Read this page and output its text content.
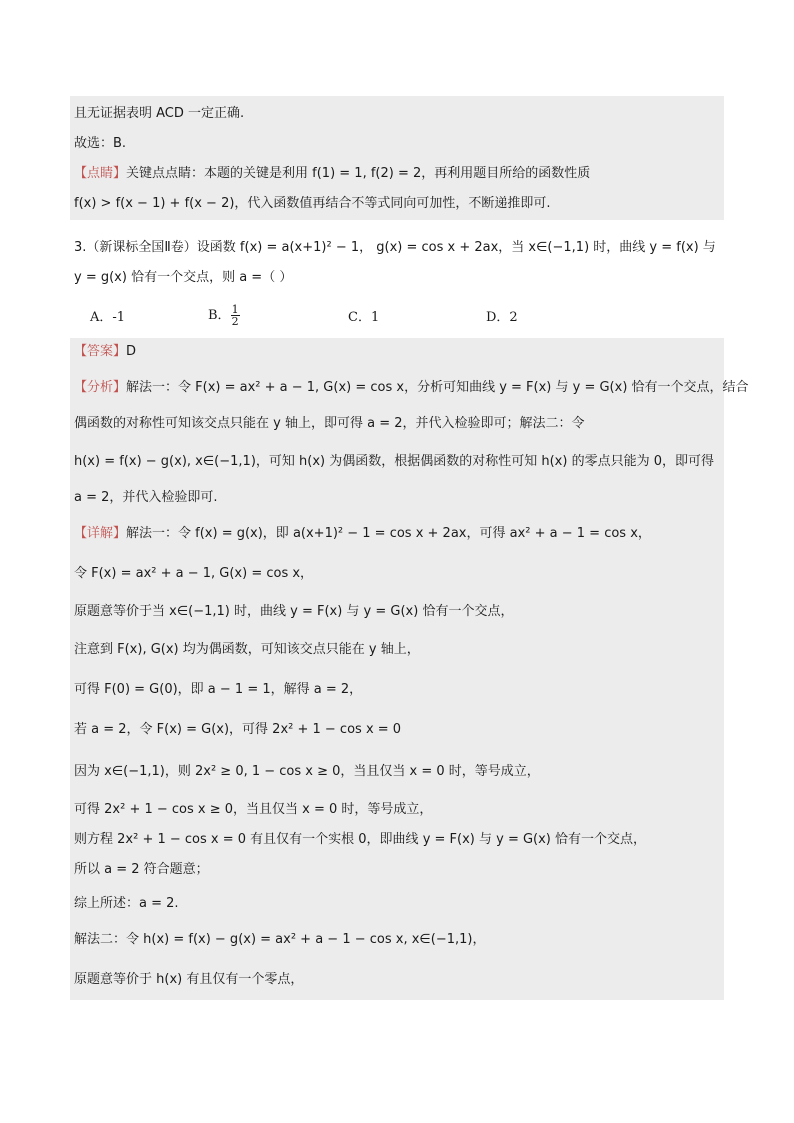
且无证据表明 ACD 一定正确.
故选：B.
【点睛】关键点点睛：本题的关键是利用 f(1) = 1, f(2) = 2，再利用题目所给的函数性质
f(x) > f(x − 1) + f(x − 2)，代入函数值再结合不等式同向可加性，不断递推即可.
3.（新课标全国Ⅱ卷）设函数 f(x) = a(x+1)² − 1， g(x) = cos x + 2ax，当 x∈(−1,1) 时，曲线 y = f(x) 与
y = g(x) 恰有一个交点，则 a =（ ）
A．-1	B． $\frac{1}{2}$	C．1	D．2
【答案】D
【分析】解法一：令 F(x) = ax² + a − 1, G(x) = cos x，分析可知曲线 y = F(x) 与 y = G(x) 恰有一个交点，结合
偶函数的对称性可知该交点只能在 y 轴上，即可得 a = 2，并代入检验即可；解法二：令
h(x) = f(x) − g(x), x∈(−1,1)，可知 h(x) 为偶函数，根据偶函数的对称性可知 h(x) 的零点只能为 0，即可得
a = 2，并代入检验即可.
【详解】解法一：令 f(x) = g(x)，即 a(x+1)² − 1 = cos x + 2ax，可得 ax² + a − 1 = cos x，
令 F(x) = ax² + a − 1, G(x) = cos x，
原题意等价于当 x∈(−1,1) 时，曲线 y = F(x) 与 y = G(x) 恰有一个交点，
注意到 F(x), G(x) 均为偶函数，可知该交点只能在 y 轴上，
可得 F(0) = G(0)，即 a − 1 = 1，解得 a = 2，
若 a = 2，令 F(x) = G(x)，可得 2x² + 1 − cos x = 0
因为 x∈(−1,1)，则 2x² ≥ 0, 1 − cos x ≥ 0，当且仅当 x = 0 时，等号成立，
可得 2x² + 1 − cos x ≥ 0，当且仅当 x = 0 时，等号成立，
则方程 2x² + 1 − cos x = 0 有且仅有一个实根 0，即曲线 y = F(x) 与 y = G(x) 恰有一个交点，
所以 a = 2 符合题意；
综上所述：a = 2.
解法二：令 h(x) = f(x) − g(x) = ax² + a − 1 − cos x, x∈(−1,1)，
原题意等价于 h(x) 有且仅有一个零点，
